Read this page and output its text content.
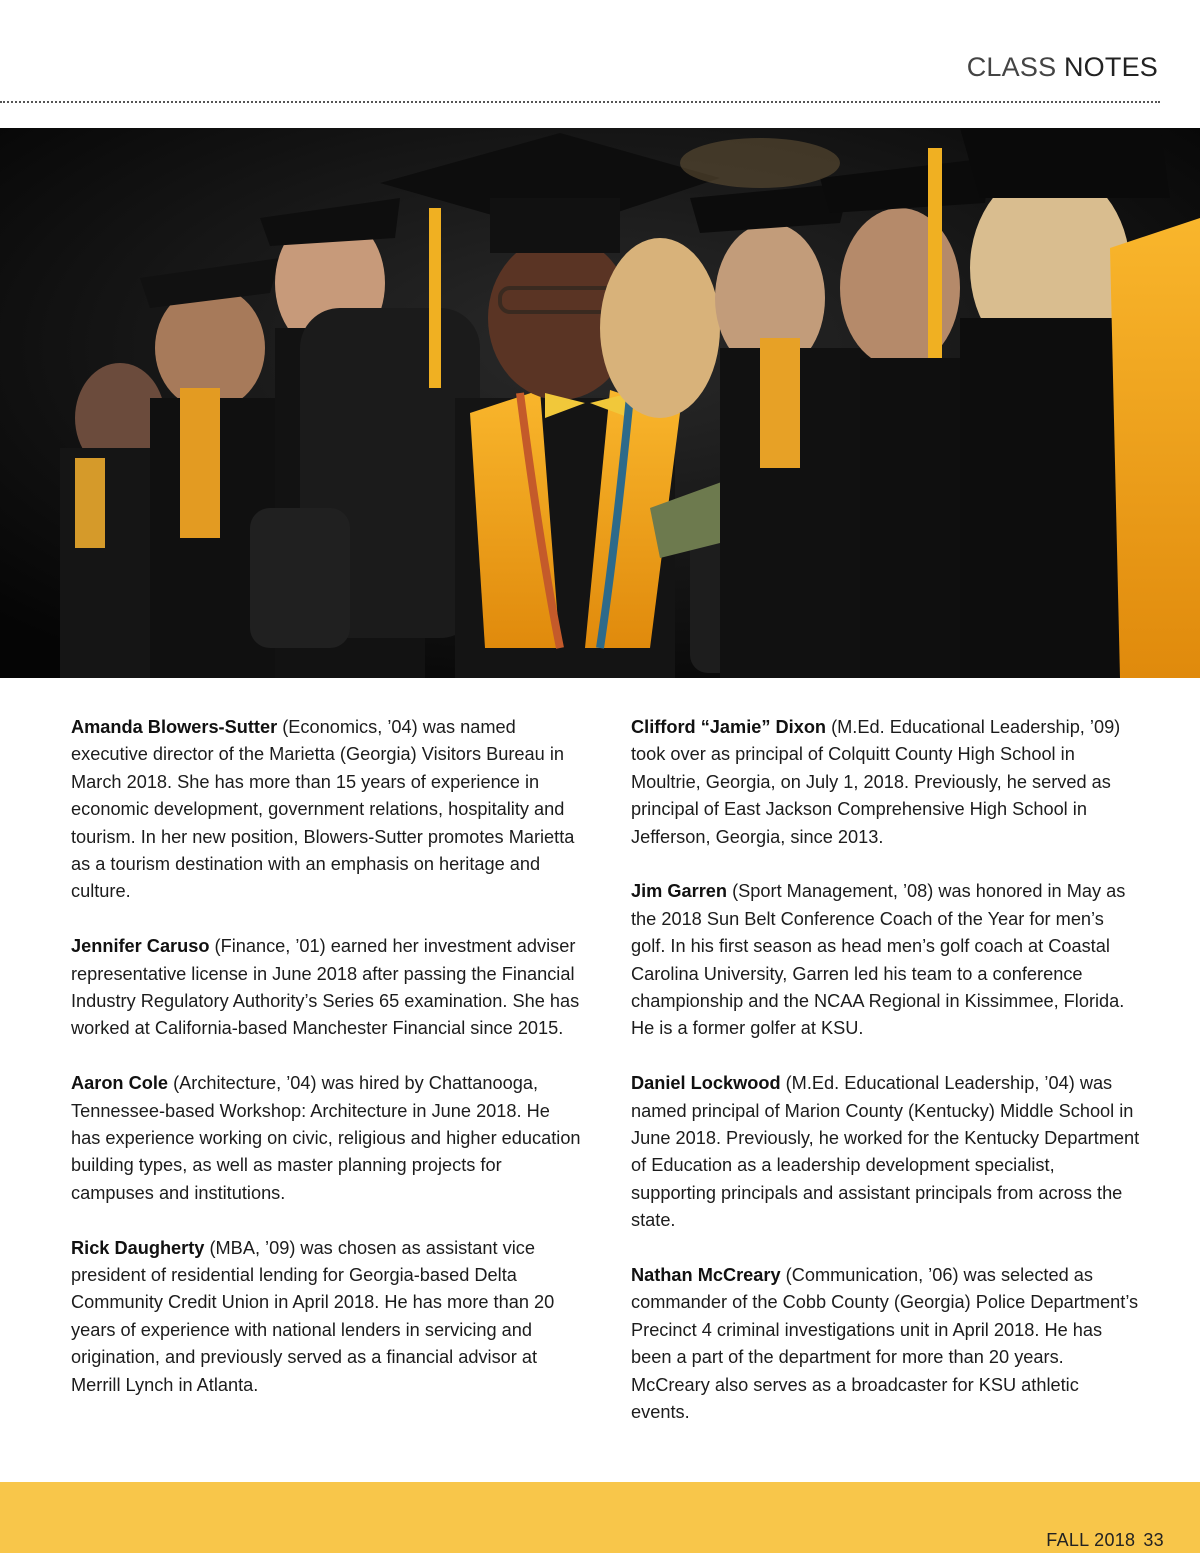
CLASS NOTES

Amanda Blowers-Sutter (Economics, ’04) was named executive director of the Marietta (Georgia) Visitors Bureau in March 2018. She has more than 15 years of experience in economic development, government relations, hospitality and tourism. In her new position, Blowers-Sutter promotes Marietta as a tourism destination with an emphasis on heritage and culture.

Jennifer Caruso (Finance, ’01) earned her investment adviser representative license in June 2018 after passing the Financial Industry Regulatory Authority’s Series 65 examination. She has worked at California-based Manchester Financial since 2015.

Aaron Cole (Architecture, ’04) was hired by Chattanooga, Tennessee-based Workshop: Architecture in June 2018. He has experience working on civic, religious and higher education building types, as well as master planning projects for campuses and institutions.

Rick Daugherty (MBA, ’09) was chosen as assistant vice president of residential lending for Georgia-based Delta Community Credit Union in April 2018. He has more than 20 years of experience with national lenders in servicing and origination, and previously served as a financial advisor at Merrill Lynch in Atlanta.

Clifford “Jamie” Dixon (M.Ed. Educational Leadership, ’09) took over as principal of Colquitt County High School in Moultrie, Georgia, on July 1, 2018. Previously, he served as principal of East Jackson Comprehensive High School in Jefferson, Georgia, since 2013.

Jim Garren (Sport Management, ’08) was honored in May as the 2018 Sun Belt Conference Coach of the Year for men’s golf. In his first season as head men’s golf coach at Coastal Carolina University, Garren led his team to a conference championship and the NCAA Regional in Kissimmee, Florida. He is a former golfer at KSU.

Daniel Lockwood (M.Ed. Educational Leadership, ’04) was named principal of Marion County (Kentucky) Middle School in June 2018. Previously, he worked for the Kentucky Department of Education as a leadership development specialist, supporting principals and assistant principals from across the state.

Nathan McCreary (Communication, ’06) was selected as commander of the Cobb County (Georgia) Police Department’s Precinct 4 criminal investigations unit in April 2018. He has been a part of the department for more than 20 years. McCreary also serves as a broadcaster for KSU athletic events.

FALL 2018 33
